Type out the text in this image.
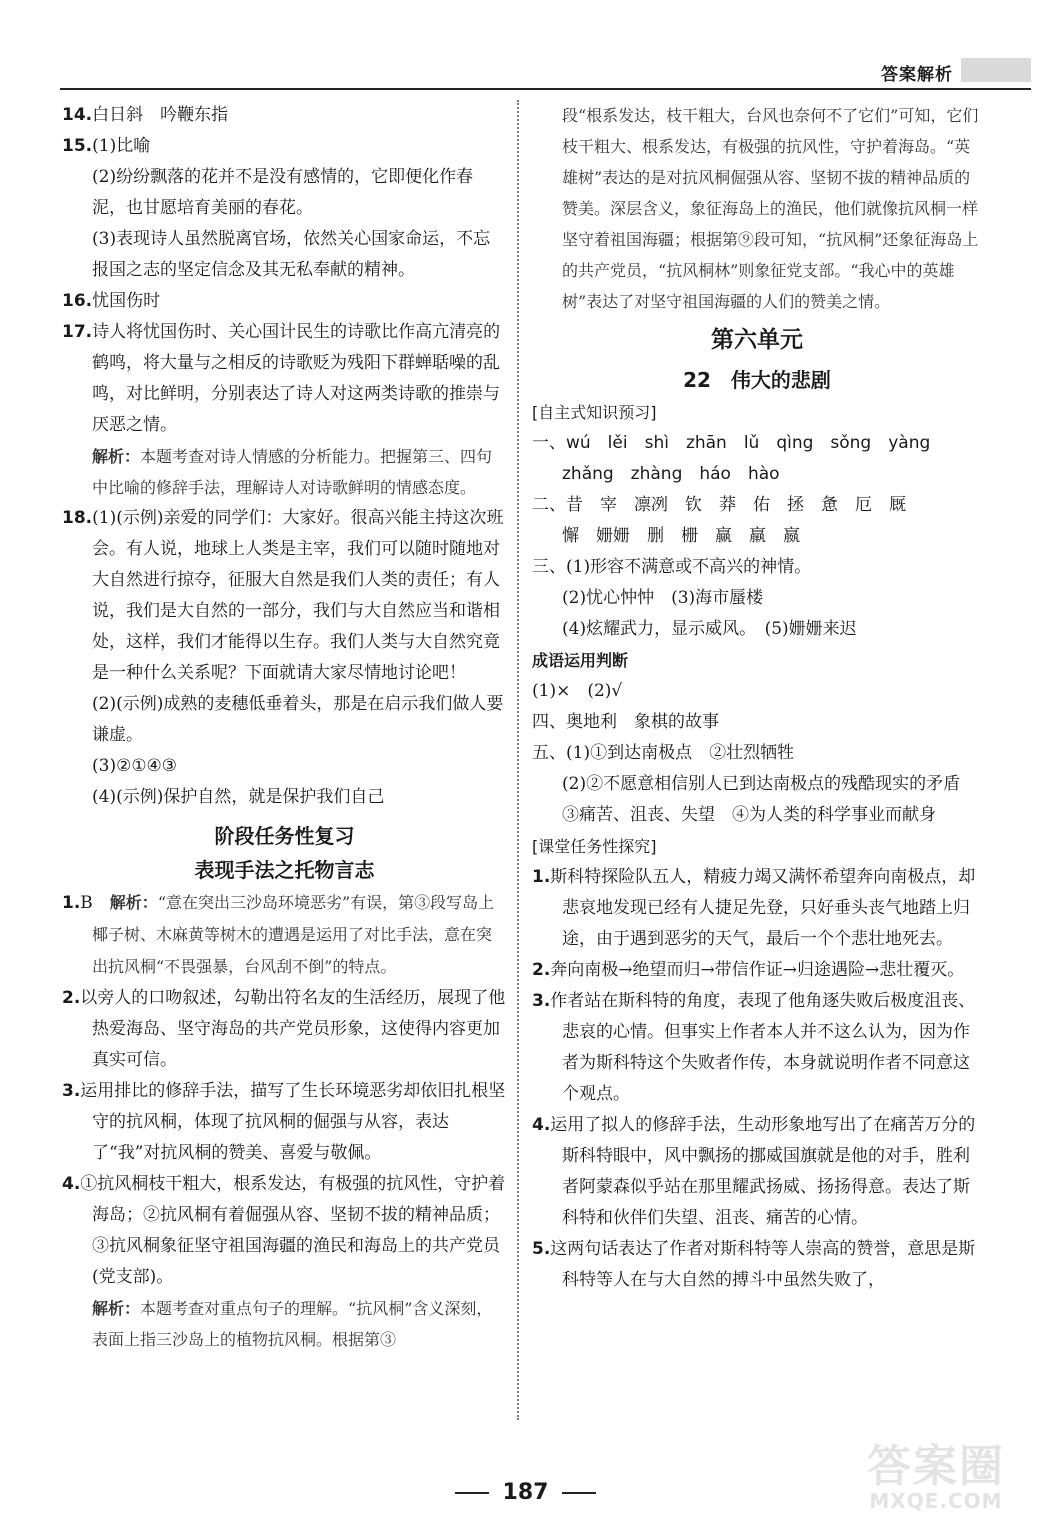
答案解析

14.白日斜　吟鞭东指

15.(1)比喻

(2)纷纷飘落的花并不是没有感情的，它即便化作春泥，也甘愿培育美丽的春花。

(3)表现诗人虽然脱离官场，依然关心国家命运，不忘报国之志的坚定信念及其无私奉献的精神。

16.忧国伤时

17.诗人将忧国伤时、关心国计民生的诗歌比作高亢清亮的鹤鸣，将大量与之相反的诗歌贬为残阳下群蝉聒噪的乱鸣，对比鲜明，分别表达了诗人对这两类诗歌的推崇与厌恶之情。

解析：本题考查对诗人情感的分析能力。把握第三、四句中比喻的修辞手法，理解诗人对诗歌鲜明的情感态度。

18.(1)(示例)亲爱的同学们：大家好。很高兴能主持这次班会。有人说，地球上人类是主宰，我们可以随时随地对大自然进行掠夺，征服大自然是我们人类的责任；有人说，我们是大自然的一部分，我们与大自然应当和谐相处，这样，我们才能得以生存。我们人类与大自然究竟是一种什么关系呢？下面就请大家尽情地讨论吧！

(2)(示例)成熟的麦穗低垂着头，那是在启示我们做人要谦虚。

(3)②①④③

(4)(示例)保护自然，就是保护我们自己

阶段任务性复习
表现手法之托物言志

1.B　 解析：“意在突出三沙岛环境恶劣”有误，第③段写岛上椰子树、木麻黄等树木的遭遇是运用了对比手法，意在突出抗风桐“不畏强暴，台风刮不倒”的特点。

2.以旁人的口吻叙述，勾勒出符名友的生活经历，展现了他热爱海岛、坚守海岛的共产党员形象，这使得内容更加真实可信。

3.运用排比的修辞手法，描写了生长环境恶劣却依旧扎根坚守的抗风桐，体现了抗风桐的倔强与从容，表达了“我”对抗风桐的赞美、喜爱与敬佩。

4.①抗风桐枝干粗大，根系发达，有极强的抗风性，守护着海岛；②抗风桐有着倔强从容、坚韧不拔的精神品质；③抗风桐象征坚守祖国海疆的渔民和海岛上的共产党员(党支部)。

解析：本题考查对重点句子的理解。“抗风桐”含义深刻，表面上指三沙岛上的植物抗风桐。根据第③

段“根系发达，枝干粗大，台风也奈何不了它们”可知，它们枝干粗大、根系发达，有极强的抗风性，守护着海岛。“英雄树”表达的是对抗风桐倔强从容、坚韧不拔的精神品质的赞美。深层含义，象征海岛上的渔民，他们就像抗风桐一样坚守着祖国海疆；根据第⑨段可知，“抗风桐”还象征海岛上的共产党员，“抗风桐林”则象征党支部。“我心中的英雄树”表达了对坚守祖国海疆的人们的赞美之情。

第六单元
22　伟大的悲剧

[自主式知识预习]

一、wú　lěi　shì　zhān　lǔ　qìng　sǒng　yàng

zhǎng　zhàng　háo　hào

二、昔　宰　凛冽　钦　莽　佑　拯　惫　厄　厩

懈　姗姗　删　栅　赢　羸　嬴

三、(1)形容不满意或不高兴的神情。

(2)忧心忡忡　(3)海市蜃楼

(4)炫耀武力，显示威风。　(5)姗姗来迟

成语运用判断

(1)×　(2)√

四、奥地利　象棋的故事

五、(1)①到达南极点　②壮烈牺牲

(2)②不愿意相信别人已到达南极点的残酷现实的矛盾　③痛苦、沮丧、失望　④为人类的科学事业而献身

[课堂任务性探究]

1.斯科特探险队五人，精疲力竭又满怀希望奔向南极点，却悲哀地发现已经有人捷足先登，只好垂头丧气地踏上归途，由于遇到恶劣的天气，最后一个个悲壮地死去。

2.奔向南极→绝望而归→带信作证→归途遇险→悲壮覆灭。

3.作者站在斯科特的角度，表现了他角逐失败后极度沮丧、悲哀的心情。但事实上作者本人并不这么认为，因为作者为斯科特这个失败者作传，本身就说明作者不同意这个观点。

4.运用了拟人的修辞手法，生动形象地写出了在痛苦万分的斯科特眼中，风中飘扬的挪威国旗就是他的对手，胜利者阿蒙森似乎站在那里耀武扬威、扬扬得意。表达了斯科特和伙伴们失望、沮丧、痛苦的心情。

5.这两句话表达了作者对斯科特等人崇高的赞誉，意思是斯科特等人在与大自然的搏斗中虽然失败了，

187
答案圈
MXQE.COM
